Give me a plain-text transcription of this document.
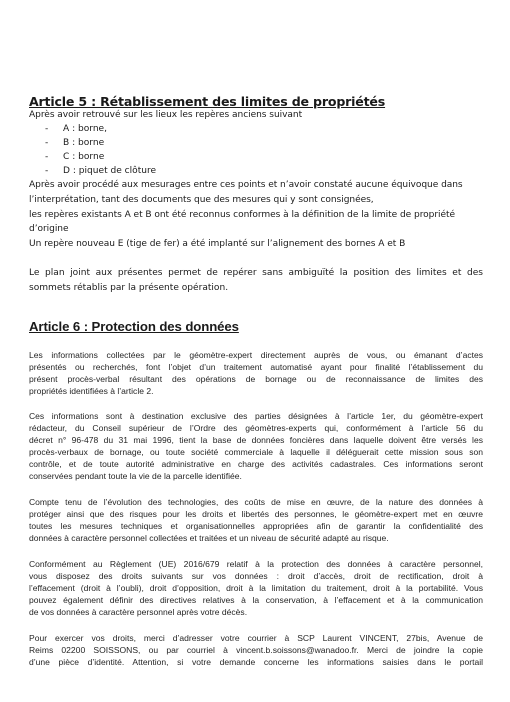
Article 5 : Rétablissement des limites de propriétés
Après avoir retrouvé sur les lieux les repères anciens suivant
- A : borne,
- B : borne
- C : borne
- D : piquet de clôture
Après avoir procédé aux mesurages entre ces points et n’avoir constaté aucune équivoque dans
l’interprétation, tant des documents que des mesures qui y sont consignées,
les repères existants A et B ont été reconnus conformes à la définition de la limite de propriété
d’origine
Un repère nouveau E (tige de fer) a été implanté sur l’alignement des bornes A et B
Le plan joint aux présentes permet de repérer sans ambiguïté la position des limites et des
sommets rétablis par la présente opération.
Article 6 : Protection des données
Les informations collectées par le géomètre-expert directement auprès de vous, ou émanant d’actes
présentés ou recherchés, font l’objet d’un traitement automatisé ayant pour finalité l’établissement du
présent procès-verbal résultant des opérations de bornage ou de reconnaissance de limites des
propriétés identifiées à l’article 2.
Ces informations sont à destination exclusive des parties désignées à l’article 1er, du géomètre-expert
rédacteur, du Conseil supérieur de l’Ordre des géomètres-experts qui, conformément à l’article 56 du
décret n° 96-478 du 31 mai 1996, tient la base de données foncières dans laquelle doivent être versés les
procès-verbaux de bornage, ou toute société commerciale à laquelle il déléguerait cette mission sous son
contrôle, et de toute autorité administrative en charge des activités cadastrales. Ces informations seront
conservées pendant toute la vie de la parcelle identifiée.
Compte tenu de l’évolution des technologies, des coûts de mise en œuvre, de la nature des données à
protéger ainsi que des risques pour les droits et libertés des personnes, le géomètre-expert met en œuvre
toutes les mesures techniques et organisationnelles appropriées afin de garantir la confidentialité des
données à caractère personnel collectées et traitées et un niveau de sécurité adapté au risque.
Conformément au Règlement (UE) 2016/679 relatif à la protection des données à caractère personnel,
vous disposez des droits suivants sur vos données : droit d’accès, droit de rectification, droit à
l’effacement (droit à l’oubli), droit d’opposition, droit à la limitation du traitement, droit à la portabilité. Vous
pouvez également définir des directives relatives à la conservation, à l’effacement et à la communication
de vos données à caractère personnel après votre décès.
Pour exercer vos droits, merci d’adresser votre courrier à SCP Laurent VINCENT, 27bis, Avenue de
Reims 02200 SOISSONS, ou par courriel à vincent.b.soissons@wanadoo.fr. Merci de joindre la copie
d’une pièce d’identité. Attention, si votre demande concerne les informations saisies dans le portail
